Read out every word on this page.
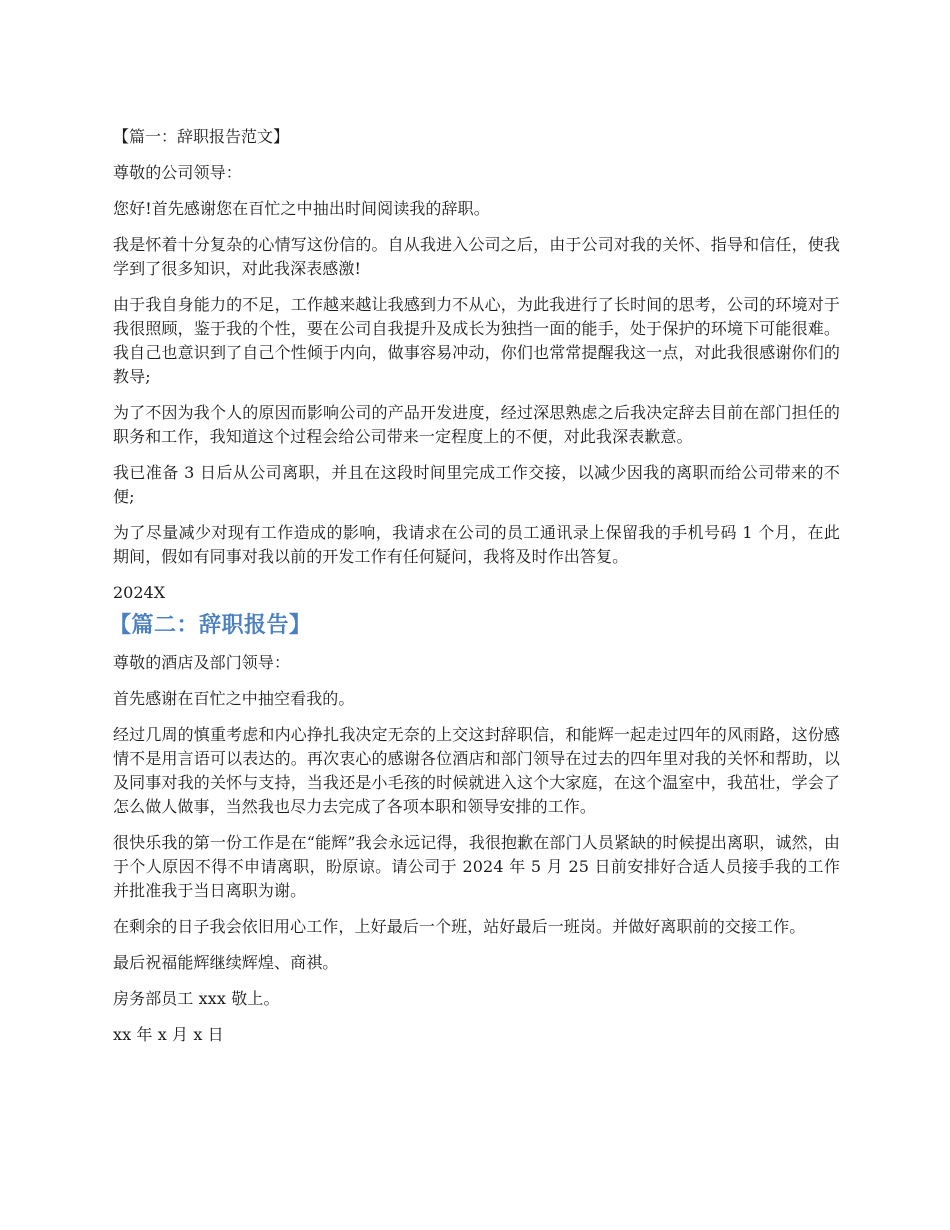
【篇一：辞职报告范文】
尊敬的公司领导：
您好!首先感谢您在百忙之中抽出时间阅读我的辞职。
我是怀着十分复杂的心情写这份信的。自从我进入公司之后，由于公司对我的关怀、指导和信任，使我学到了很多知识，对此我深表感激!
由于我自身能力的不足，工作越来越让我感到力不从心，为此我进行了长时间的思考，公司的环境对于我很照顾，鉴于我的个性，要在公司自我提升及成长为独挡一面的能手，处于保护的环境下可能很难。我自己也意识到了自己个性倾于内向，做事容易冲动，你们也常常提醒我这一点，对此我很感谢你们的教导;
为了不因为我个人的原因而影响公司的产品开发进度，经过深思熟虑之后我决定辞去目前在部门担任的职务和工作，我知道这个过程会给公司带来一定程度上的不便，对此我深表歉意。
我已准备 3 日后从公司离职，并且在这段时间里完成工作交接，以减少因我的离职而给公司带来的不便;
为了尽量减少对现有工作造成的影响，我请求在公司的员工通讯录上保留我的手机号码 1 个月，在此期间，假如有同事对我以前的开发工作有任何疑问，我将及时作出答复。
2024X
【篇二：辞职报告】
尊敬的酒店及部门领导：
首先感谢在百忙之中抽空看我的。
经过几周的慎重考虑和内心挣扎我决定无奈的上交这封辞职信，和能辉一起走过四年的风雨路，这份感情不是用言语可以表达的。再次衷心的感谢各位酒店和部门领导在过去的四年里对我的关怀和帮助，以及同事对我的关怀与支持，当我还是小毛孩的时候就进入这个大家庭，在这个温室中，我茁壮，学会了怎么做人做事，当然我也尽力去完成了各项本职和领导安排的工作。
很快乐我的第一份工作是在“能辉”我会永远记得，我很抱歉在部门人员紧缺的时候提出离职，诚然，由于个人原因不得不申请离职，盼原谅。请公司于 2024 年 5 月 25 日前安排好合适人员接手我的工作并批准我于当日离职为谢。
在剩余的日子我会依旧用心工作，上好最后一个班，站好最后一班岗。并做好离职前的交接工作。
最后祝福能辉继续辉煌、商祺。
房务部员工 xxx 敬上。
xx 年 x 月 x 日
